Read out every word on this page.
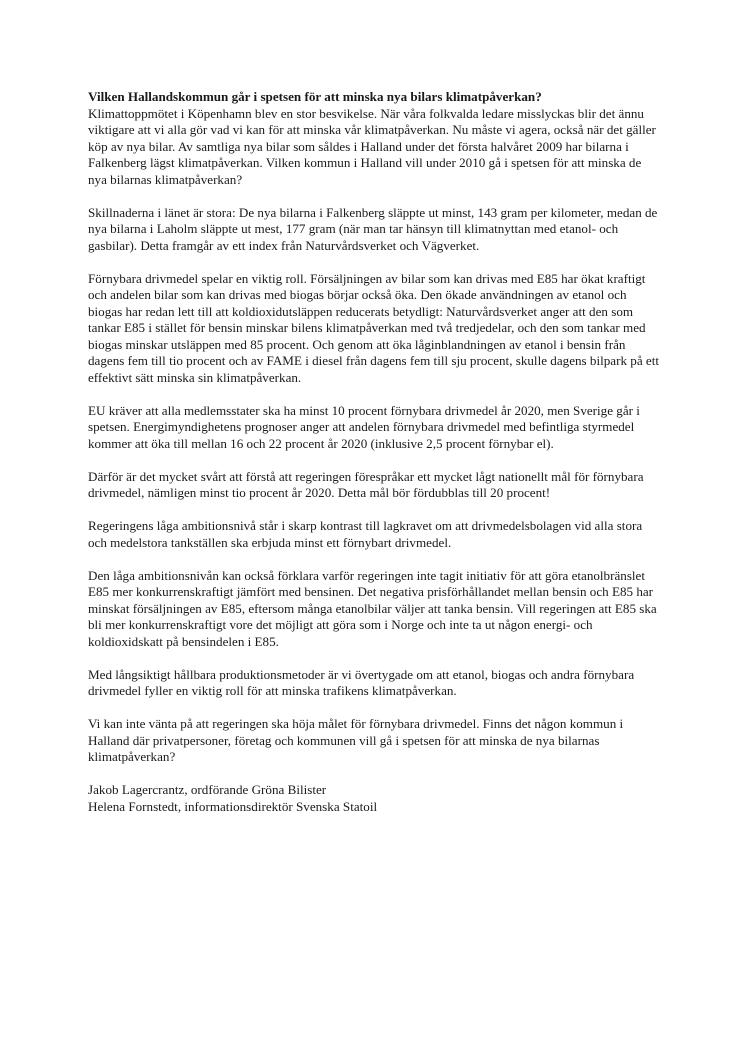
Vilken Hallandskommun går i spetsen för att minska nya bilars klimatpåverkan?

Klimattoppmötet i Köpenhamn blev en stor besvikelse. När våra folkvalda ledare misslyckas blir det ännu viktigare att vi alla gör vad vi kan för att minska vår klimatpåverkan. Nu måste vi agera, också när det gäller köp av nya bilar. Av samtliga nya bilar som såldes i Halland under det första halvåret 2009 har bilarna i Falkenberg lägst klimatpåverkan. Vilken kommun i Halland vill under 2010 gå i spetsen för att minska de nya bilarnas klimatpåverkan?

Skillnaderna i länet är stora: De nya bilarna i Falkenberg släppte ut minst, 143 gram per kilometer, medan de nya bilarna i Laholm släppte ut mest, 177 gram (när man tar hänsyn till klimatnyttan med etanol- och gasbilar). Detta framgår av ett index från Naturvårdsverket och Vägverket.

Förnybara drivmedel spelar en viktig roll. Försäljningen av bilar som kan drivas med E85 har ökat kraftigt och andelen bilar som kan drivas med biogas börjar också öka. Den ökade användningen av etanol och biogas har redan lett till att koldioxidutsläppen reducerats betydligt: Naturvårdsverket anger att den som tankar E85 i stället för bensin minskar bilens klimatpåverkan med två tredjedelar, och den som tankar med biogas minskar utsläppen med 85 procent. Och genom att öka låginblandningen av etanol i bensin från dagens fem till tio procent och av FAME i diesel från dagens fem till sju procent, skulle dagens bilpark på ett effektivt sätt minska sin klimatpåverkan.

EU kräver att alla medlemsstater ska ha minst 10 procent förnybara drivmedel år 2020, men Sverige går i spetsen. Energimyndighetens prognoser anger att andelen förnybara drivmedel med befintliga styrmedel kommer att öka till mellan 16 och 22 procent år 2020 (inklusive 2,5 procent förnybar el).

Därför är det mycket svårt att förstå att regeringen förespråkar ett mycket lågt nationellt mål för förnybara drivmedel, nämligen minst tio procent år 2020. Detta mål bör fördubblas till 20 procent!

Regeringens låga ambitionsnivå står i skarp kontrast till lagkravet om att drivmedelsbolagen vid alla stora och medelstora tankställen ska erbjuda minst ett förnybart drivmedel.

Den låga ambitionsnivån kan också förklara varför regeringen inte tagit initiativ för att göra etanolbränslet E85 mer konkurrenskraftigt jämfört med bensinen. Det negativa prisförhållandet mellan bensin och E85 har minskat försäljningen av E85, eftersom många etanolbilar väljer att tanka bensin. Vill regeringen att E85 ska bli mer konkurrenskraftigt vore det möjligt att göra som i Norge och inte ta ut någon energi- och koldioxidskatt på bensindelen i E85.

Med långsiktigt hållbara produktionsmetoder är vi övertygade om att etanol, biogas och andra förnybara drivmedel fyller en viktig roll för att minska trafikens klimatpåverkan.

Vi kan inte vänta på att regeringen ska höja målet för förnybara drivmedel. Finns det någon kommun i Halland där privatpersoner, företag och kommunen vill gå i spetsen för att minska de nya bilarnas klimatpåverkan?

Jakob Lagercrantz, ordförande Gröna Bilister

Helena Fornstedt, informationsdirektör Svenska Statoil
